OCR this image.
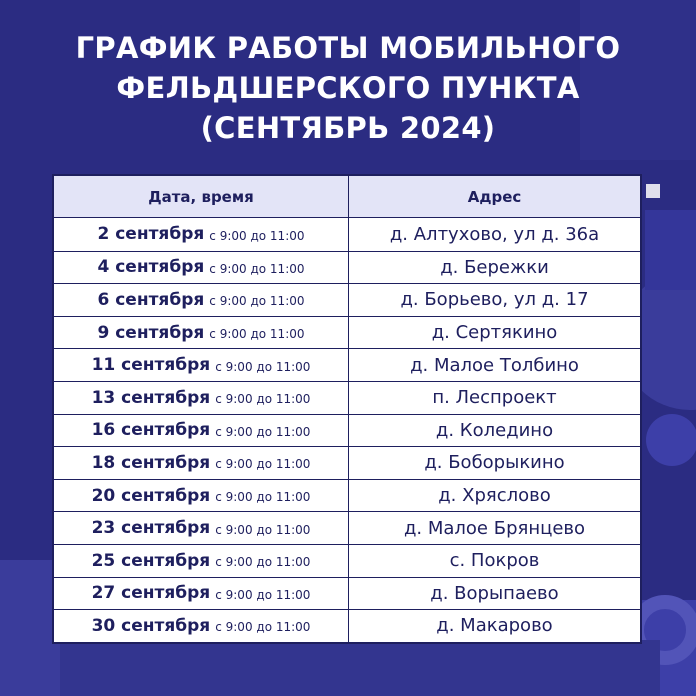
ГРАФИК РАБОТЫ МОБИЛЬНОГО
ФЕЛЬДШЕРСКОГО ПУНКТА
(СЕНТЯБРЬ 2024)
Дата, время	Адрес
2 сентября с 9:00 до 11:00	д. Алтухово, ул д. 36а
4 сентября с 9:00 до 11:00	д. Бережки
6 сентября с 9:00 до 11:00	д. Борьево, ул д. 17
9 сентября с 9:00 до 11:00	д. Сертякино
11 сентября с 9:00 до 11:00	д. Малое Толбино
13 сентября с 9:00 до 11:00	п. Леспроект
16 сентября с 9:00 до 11:00	д. Коледино
18 сентября с 9:00 до 11:00	д. Боборыкино
20 сентября с 9:00 до 11:00	д. Хряслово
23 сентября с 9:00 до 11:00	д. Малое Брянцево
25 сентября с 9:00 до 11:00	с. Покров
27 сентября с 9:00 до 11:00	д. Ворыпаево
30 сентября с 9:00 до 11:00	д. Макарово
